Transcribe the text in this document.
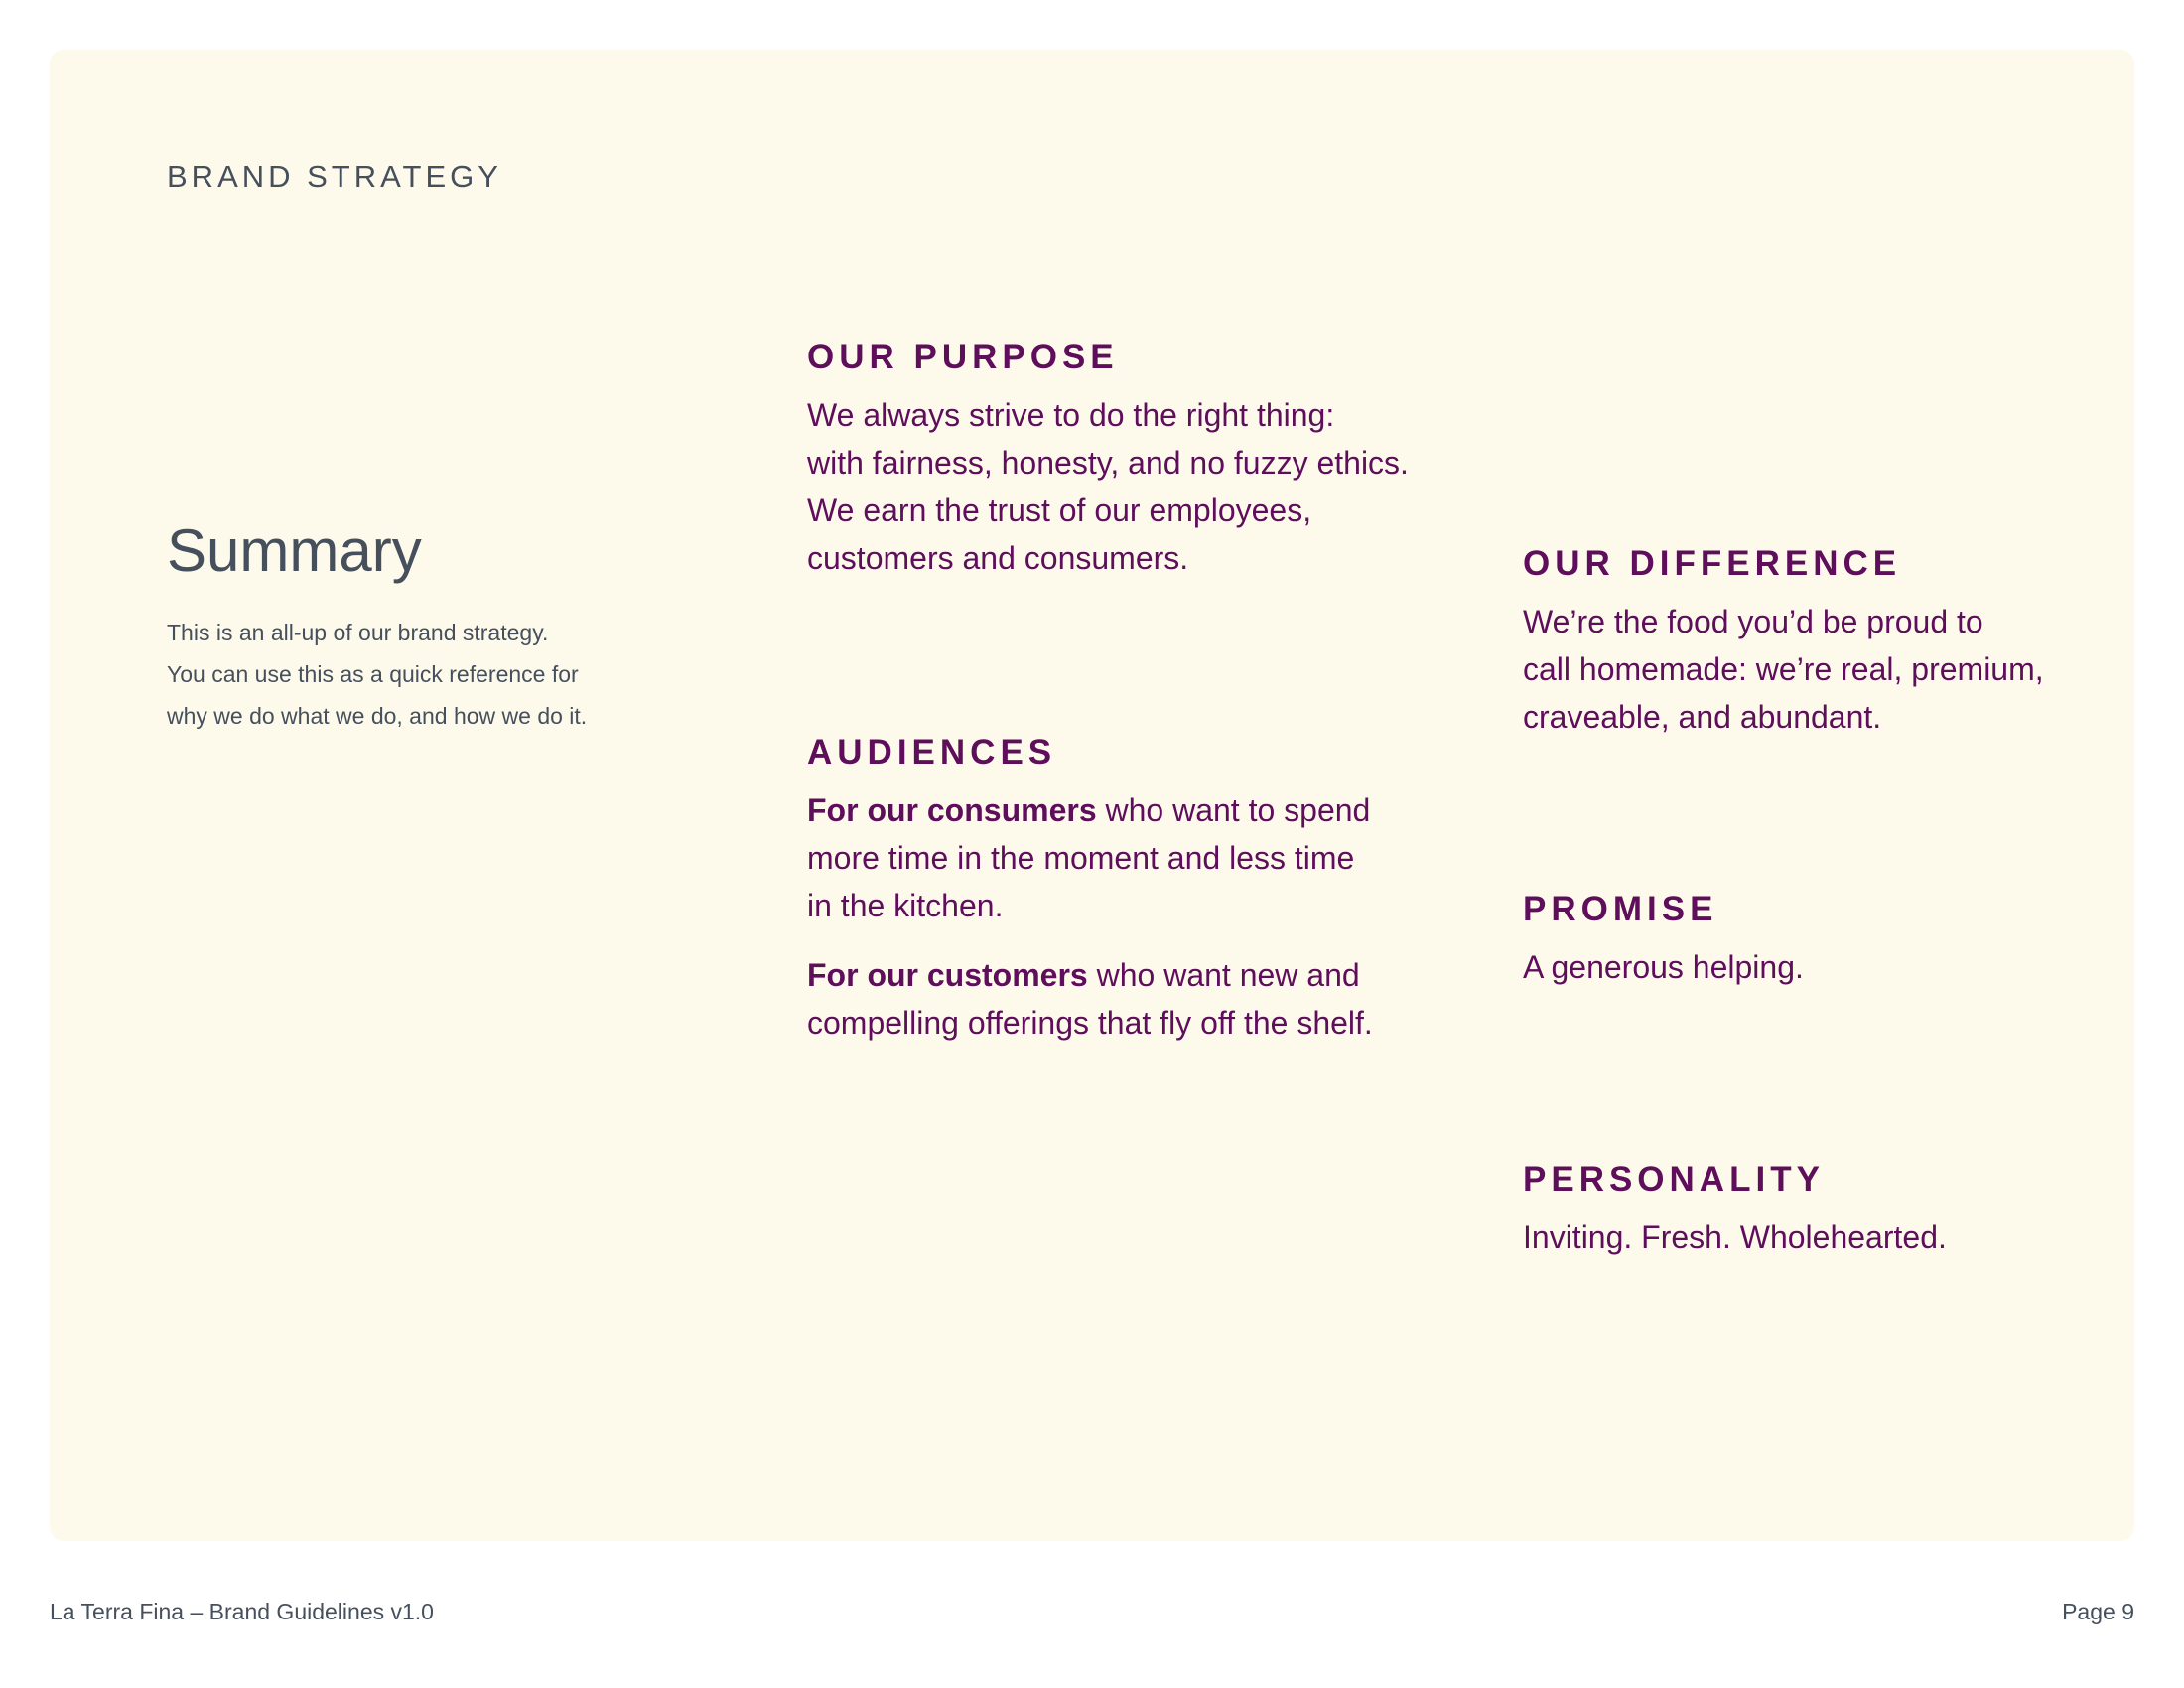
BRAND STRATEGY
Summary
This is an all-up of our brand strategy.
You can use this as a quick reference for
why we do what we do, and how we do it.
OUR PURPOSE

We always strive to do the right thing:
with fairness, honesty, and no fuzzy ethics.
We earn the trust of our employees,
customers and consumers.

AUDIENCES

For our consumers who want to spend
more time in the moment and less time
in the kitchen.

For our customers who want new and
compelling offerings that fly off the shelf.

OUR DIFFERENCE

We’re the food you’d be proud to
call homemade: we’re real, premium,
craveable, and abundant.

PROMISE

A generous helping.

PERSONALITY

Inviting. Fresh. Wholehearted.

La Terra Fina – Brand Guidelines v1.0	Page 9
